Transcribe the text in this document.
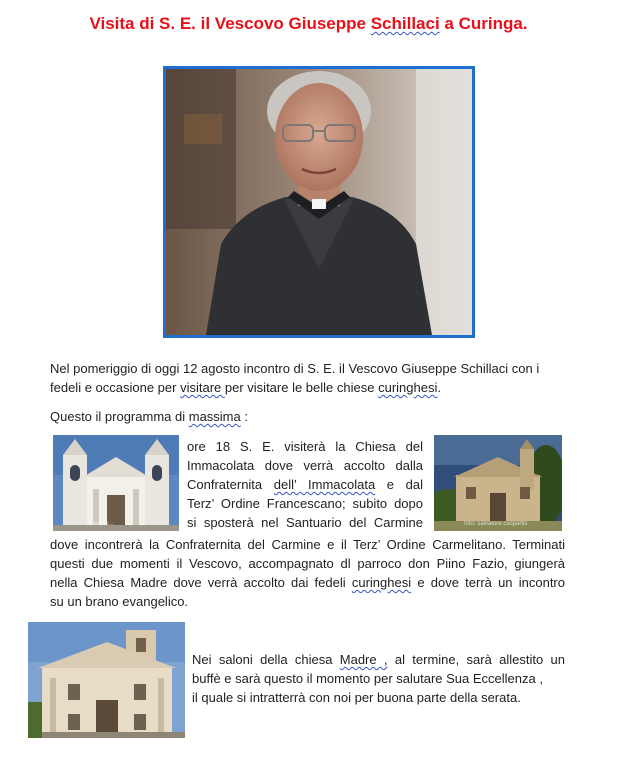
Visita di S. E. il Vescovo Giuseppe Schillaci a Curinga.

Nel pomeriggio di oggi 12 agosto incontro di S. E. il Vescovo Giuseppe Schillaci con i

fedeli e occasione per visitare per visitare le belle chiese curinghesi.

Questo il programma di massima :

calabre...	foto: salvatore caspartis

ore 18 S. E. visiterà la Chiesa del

Immacolata dove verrà accolto dalla

Confraternita dell’ Immacolata e dal

Terz’ Ordine Francescano; subito dopo

si sposterà nel Santuario del Carmine

dove incontrerà la Confraternita del Carmine e il Terz’ Ordine Carmelitano. Terminati

questi due momenti il Vescovo, accompagnato dl parroco don Piino Fazio, giungerà

nella Chiesa Madre dove verrà accolto dai fedeli curinghesi e dove terrà un incontro

su un brano evangelico.

Nei saloni della chiesa Madre , al termine, sarà allestito un

buffè e sarà questo il momento per salutare Sua Eccellenza ,

il quale si intratterrà con noi per buona parte della serata.
